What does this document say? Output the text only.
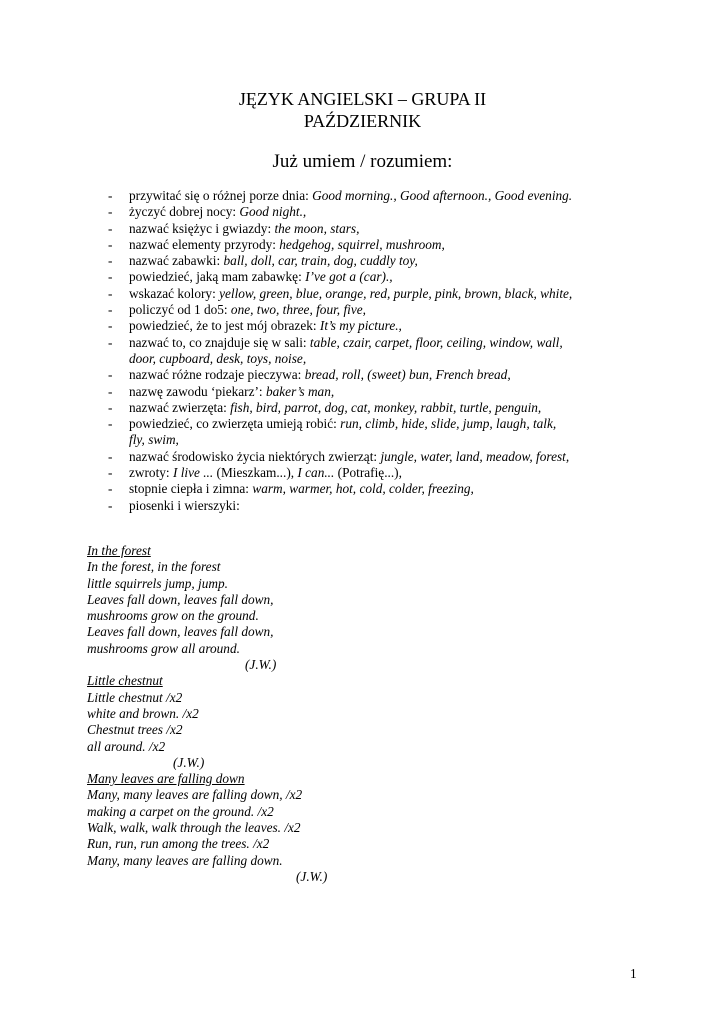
JĘZYK ANGIELSKI – GRUPA II
PAŹDZIERNIK
Już umiem / rozumiem:
- przywitać się o różnej porze dnia: Good morning., Good afternoon., Good evening.
- życzyć dobrej nocy: Good night.,
- nazwać księżyc i gwiazdy: the moon, stars,
- nazwać elementy przyrody: hedgehog, squirrel, mushroom,
- nazwać zabawki: ball, doll, car, train, dog, cuddly toy,
- powiedzieć, jaką mam zabawkę: I’ve got a (car).,
- wskazać kolory: yellow, green, blue, orange, red, purple, pink, brown, black, white,
- policzyć od 1 do5: one, two, three, four, five,
- powiedzieć, że to jest mój obrazek: It’s my picture.,
- nazwać to, co znajduje się w sali: table, czair, carpet, floor, ceiling, window, wall,
door, cupboard, desk, toys, noise,
- nazwać różne rodzaje pieczywa: bread, roll, (sweet) bun, French bread,
- nazwę zawodu ‘piekarz’: baker’s man,
- nazwać zwierzęta: fish, bird, parrot, dog, cat, monkey, rabbit, turtle, penguin,
- powiedzieć, co zwierzęta umieją robić: run, climb, hide, slide, jump, laugh, talk,
fly, swim,
- nazwać środowisko życia niektórych zwierząt: jungle, water, land, meadow, forest,
- zwroty: I live ... (Mieszkam...), I can... (Potrafię...),
- stopnie ciepła i zimna: warm, warmer, hot, cold, colder, freezing,
- piosenki i wierszyki:
In the forest
In the forest, in the forest
little squirrels jump, jump.
Leaves fall down, leaves fall down,
mushrooms grow on the ground.
Leaves fall down, leaves fall down,
mushrooms grow all around.
(J.W.)
Little chestnut
Little chestnut /x2
white and brown. /x2
Chestnut trees /x2
all around. /x2
(J.W.)
Many leaves are falling down
Many, many leaves are falling down, /x2
making a carpet on the ground. /x2
Walk, walk, walk through the leaves. /x2
Run, run, run among the trees. /x2
Many, many leaves are falling down.
(J.W.)
1
